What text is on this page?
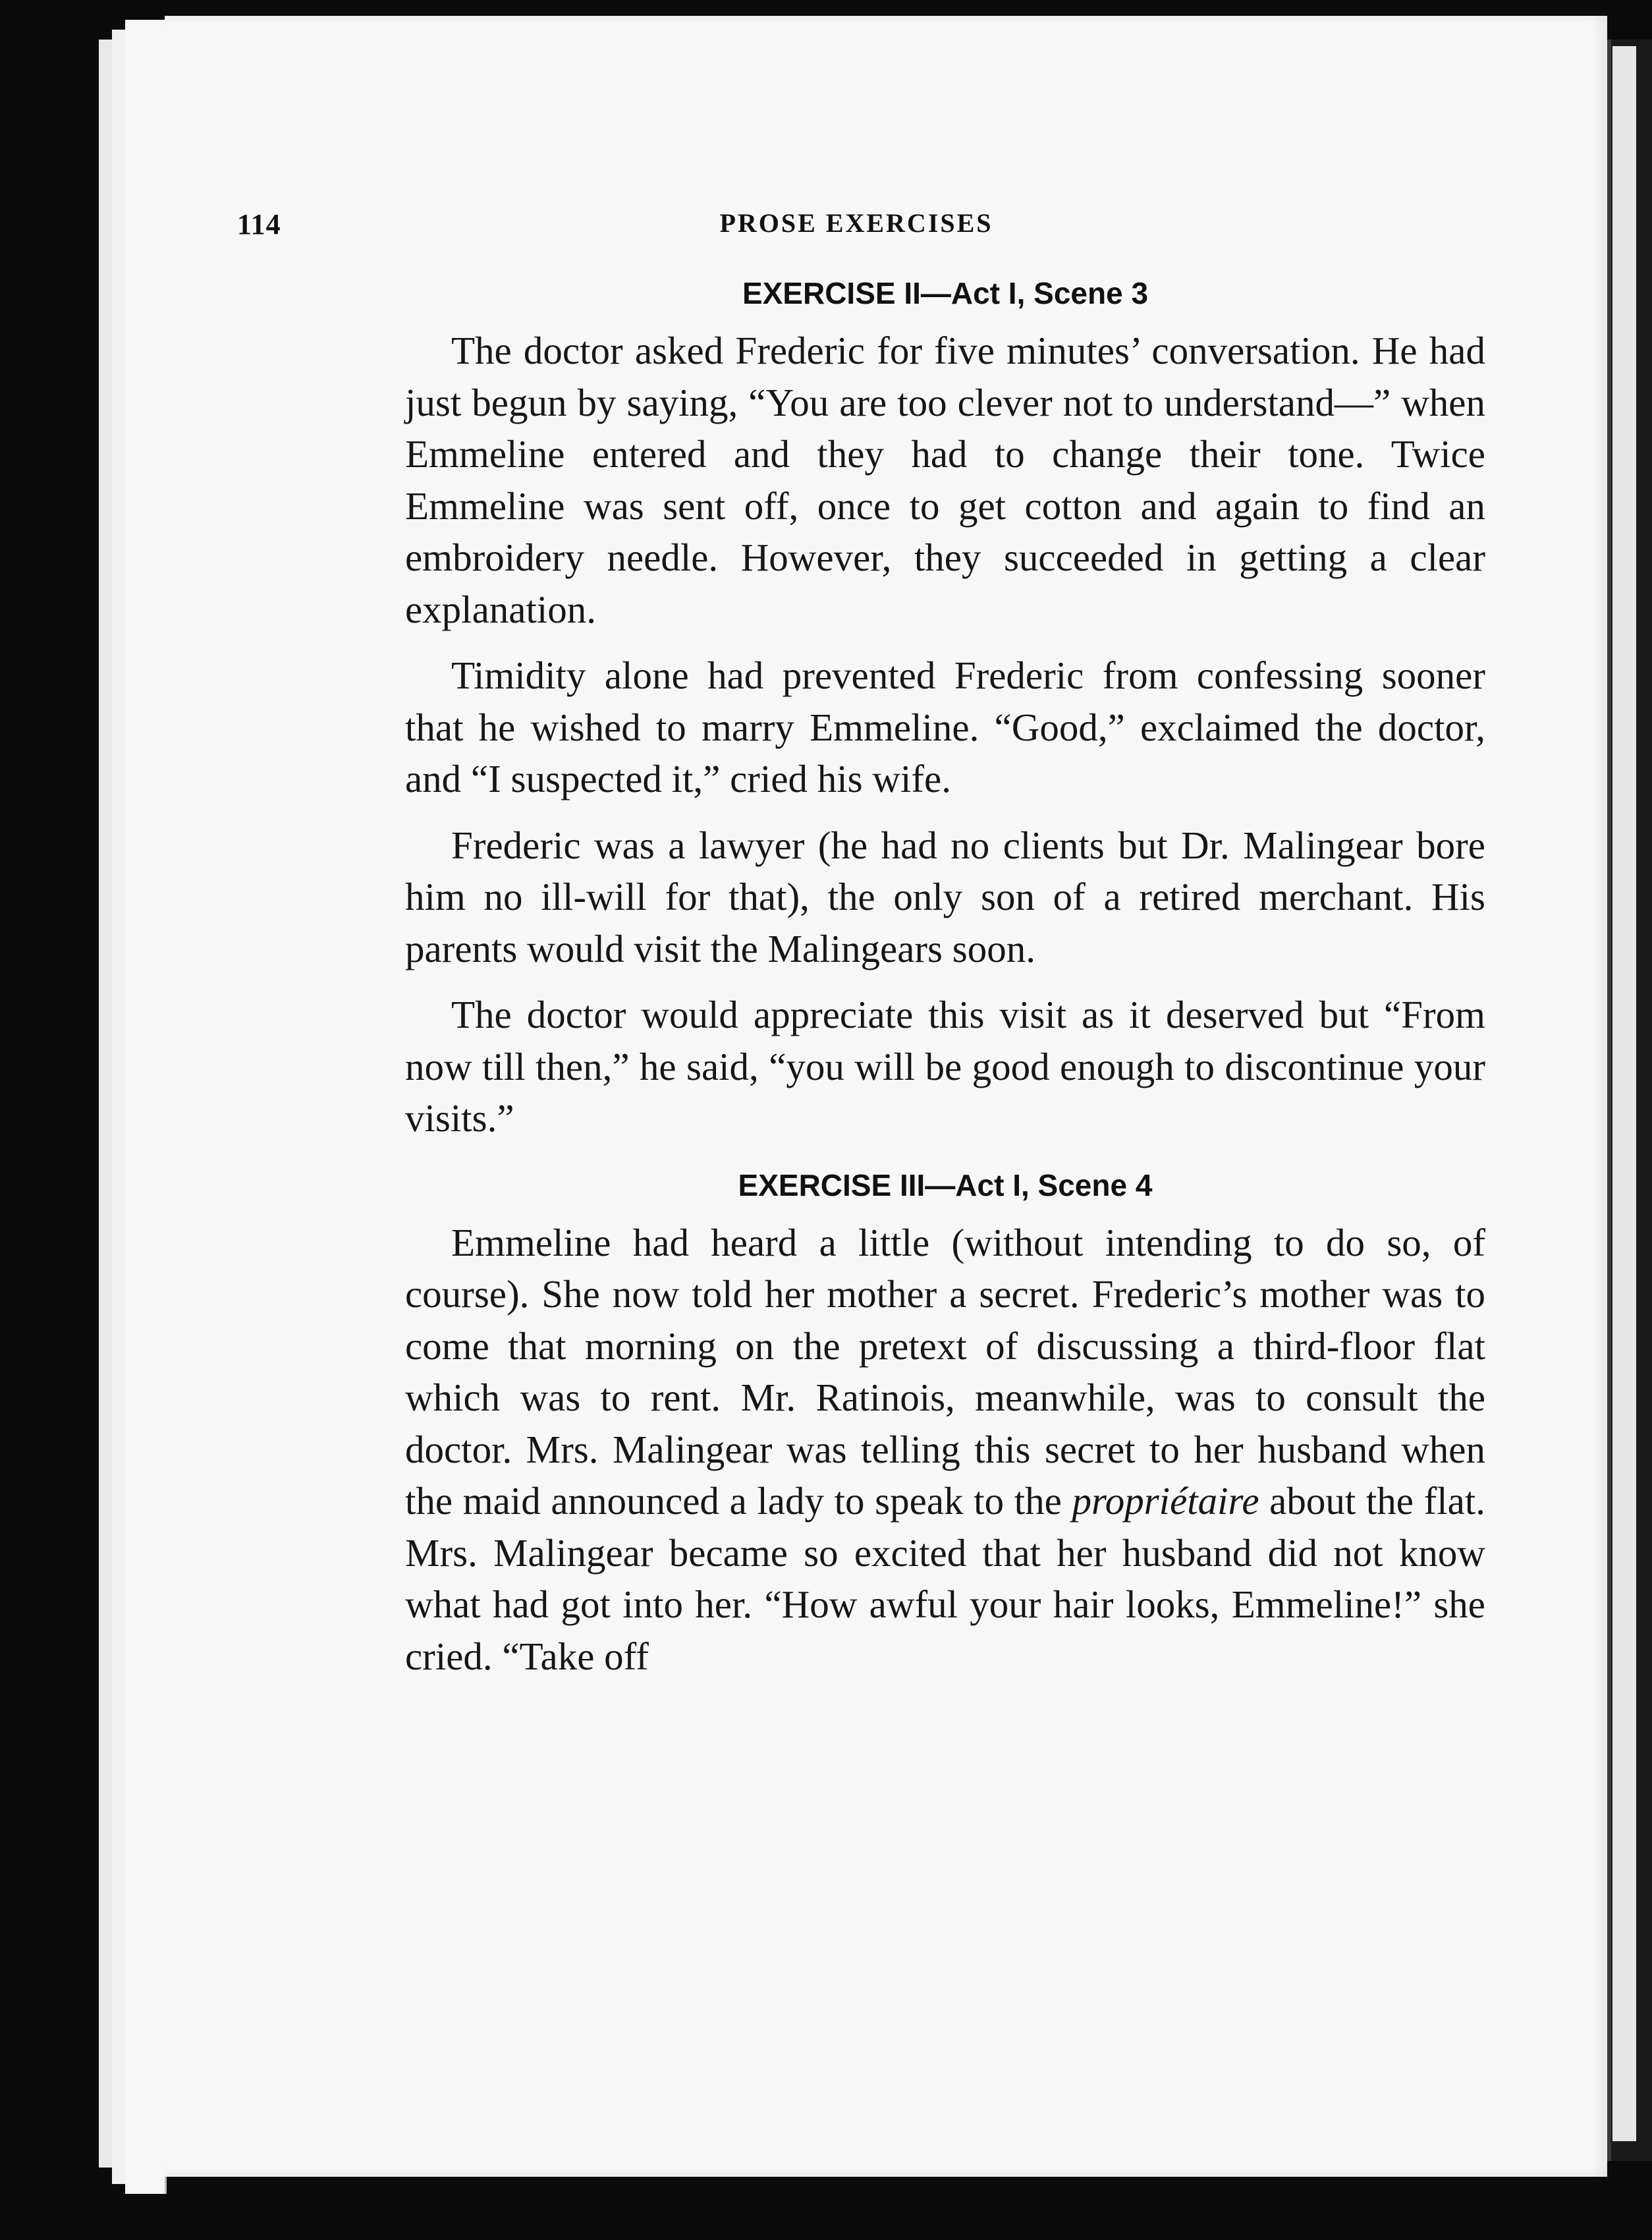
114	PROSE EXERCISES
EXERCISE II—Act I, Scene 3

The doctor asked Frederic for five minutes’ conversation. He had just begun by saying, “You are too clever not to understand—” when Emmeline entered and they had to change their tone. Twice Emmeline was sent off, once to get cotton and again to find an embroidery needle. However, they succeeded in getting a clear explanation.

Timidity alone had prevented Frederic from confessing sooner that he wished to marry Emmeline. “Good,” exclaimed the doctor, and “I suspected it,” cried his wife.

Frederic was a lawyer (he had no clients but Dr. Malingear bore him no ill-will for that), the only son of a retired merchant. His parents would visit the Malingears soon.

The doctor would appreciate this visit as it deserved but “From now till then,” he said, “you will be good enough to discontinue your visits.”

EXERCISE III—Act I, Scene 4

Emmeline had heard a little (without intending to do so, of course). She now told her mother a secret. Frederic’s mother was to come that morning on the pretext of discussing a third-floor flat which was to rent. Mr. Ratinois, meanwhile, was to consult the doctor. Mrs. Malingear was telling this secret to her husband when the maid announced a lady to speak to the propriétaire about the flat. Mrs. Malingear became so excited that her husband did not know what had got into her. “How awful your hair looks, Emmeline!” she cried. “Take off
